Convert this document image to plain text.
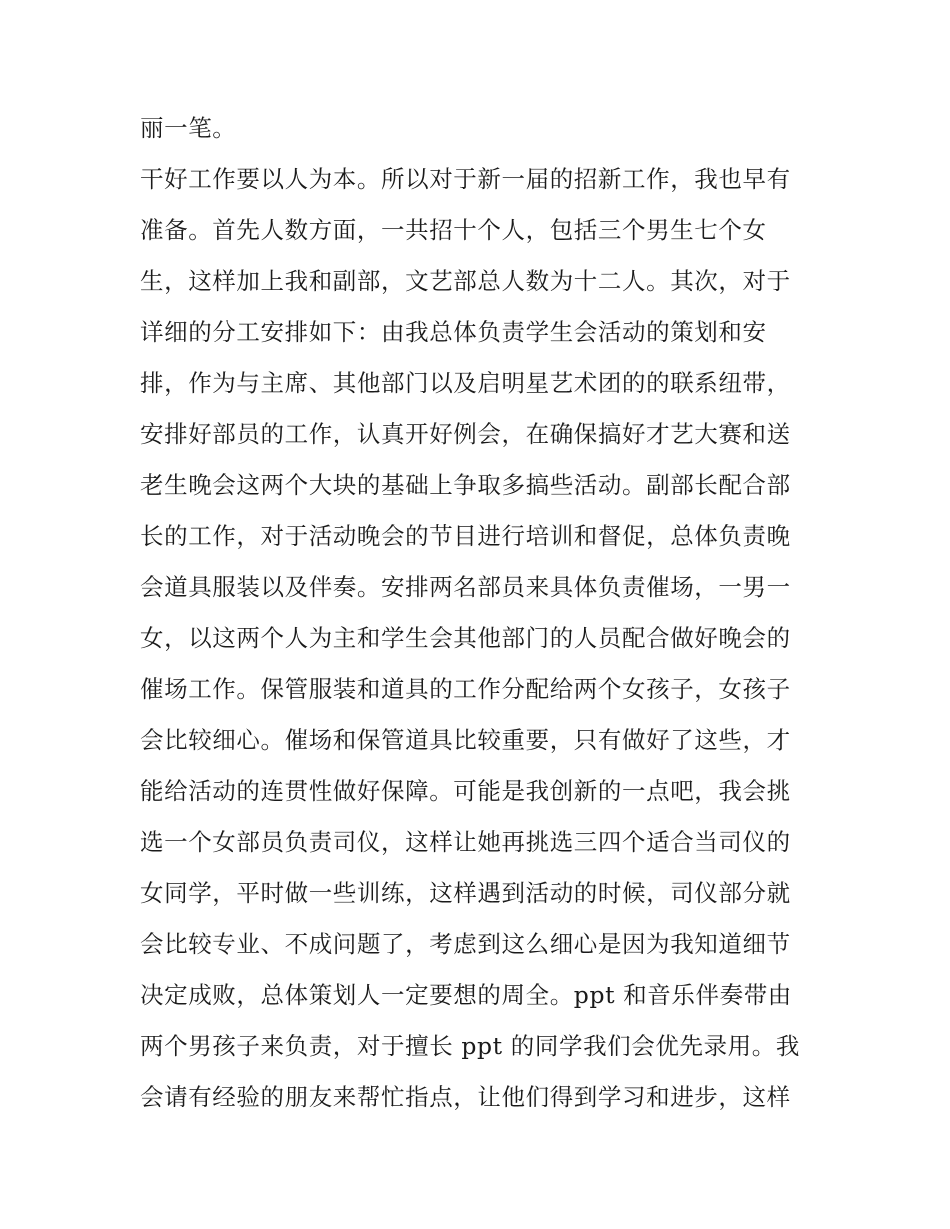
丽一笔。
干好工作要以人为本。所以对于新一届的招新工作，我也早有
准备。首先人数方面，一共招十个人，包括三个男生七个女
生，这样加上我和副部，文艺部总人数为十二人。其次，对于
详细的分工安排如下：由我总体负责学生会活动的策划和安
排，作为与主席、其他部门以及启明星艺术团的的联系纽带，
安排好部员的工作，认真开好例会，在确保搞好才艺大赛和送
老生晚会这两个大块的基础上争取多搞些活动。副部长配合部
长的工作，对于活动晚会的节目进行培训和督促，总体负责晚
会道具服装以及伴奏。安排两名部员来具体负责催场，一男一
女，以这两个人为主和学生会其他部门的人员配合做好晚会的
催场工作。保管服装和道具的工作分配给两个女孩子，女孩子
会比较细心。催场和保管道具比较重要，只有做好了这些，才
能给活动的连贯性做好保障。可能是我创新的一点吧，我会挑
选一个女部员负责司仪，这样让她再挑选三四个适合当司仪的
女同学，平时做一些训练，这样遇到活动的时候，司仪部分就
会比较专业、不成问题了，考虑到这么细心是因为我知道细节
决定成败，总体策划人一定要想的周全。ppt 和音乐伴奏带由
两个男孩子来负责，对于擅长 ppt 的同学我们会优先录用。我
会请有经验的朋友来帮忙指点，让他们得到学习和进步，这样
